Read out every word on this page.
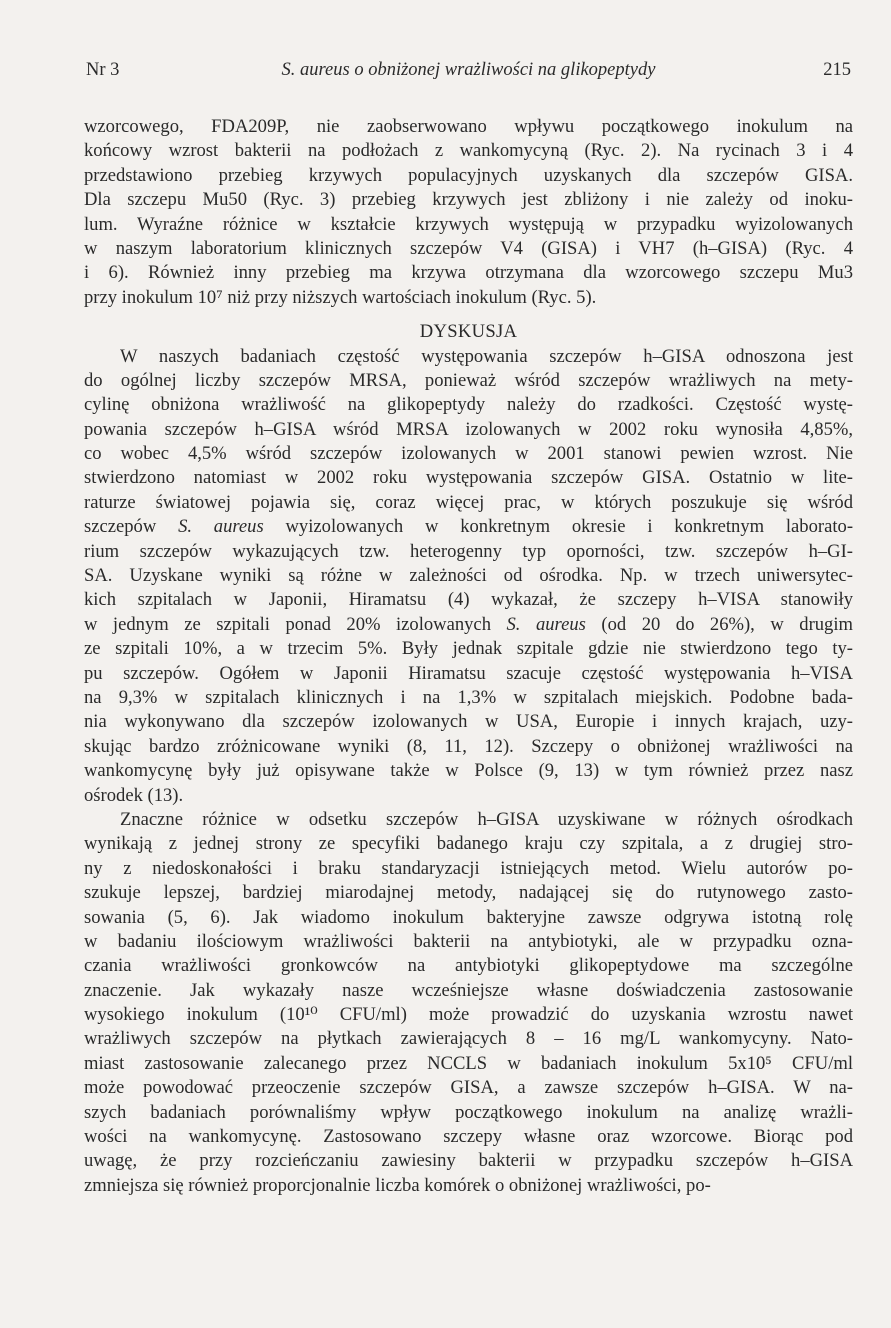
Nr 3	S. aureus o obniżonej wrażliwości na glikopeptydy	215
wzorcowego, FDA209P, nie zaobserwowano wpływu początkowego inokulum na
końcowy wzrost bakterii na podłożach z wankomycyną (Ryc. 2). Na rycinach 3 i 4
przedstawiono przebieg krzywych populacyjnych uzyskanych dla szczepów GISA.
Dla szczepu Mu50 (Ryc. 3) przebieg krzywych jest zbliżony i nie zależy od inoku-
lum. Wyraźne różnice w kształcie krzywych występują w przypadku wyizolowanych
w naszym laboratorium klinicznych szczepów V4 (GISA) i VH7 (h–GISA) (Ryc. 4
i 6). Również inny przebieg ma krzywa otrzymana dla wzorcowego szczepu Mu3
przy inokulum 10⁷ niż przy niższych wartościach inokulum (Ryc. 5).
DYSKUSJA
W naszych badaniach częstość występowania szczepów h–GISA odnoszona jest
do ogólnej liczby szczepów MRSA, ponieważ wśród szczepów wrażliwych na mety-
cylinę obniżona wrażliwość na glikopeptydy należy do rzadkości. Częstość wystę-
powania szczepów h–GISA wśród MRSA izolowanych w 2002 roku wynosiła 4,85%,
co wobec 4,5% wśród szczepów izolowanych w 2001 stanowi pewien wzrost. Nie
stwierdzono natomiast w 2002 roku występowania szczepów GISA. Ostatnio w lite-
raturze światowej pojawia się, coraz więcej prac, w których poszukuje się wśród
szczepów S. aureus wyizolowanych w konkretnym okresie i konkretnym laborato-
rium szczepów wykazujących tzw. heterogenny typ oporności, tzw. szczepów h–GI-
SA. Uzyskane wyniki są różne w zależności od ośrodka. Np. w trzech uniwersytec-
kich szpitalach w Japonii, Hiramatsu (4) wykazał, że szczepy h–VISA stanowiły
w jednym ze szpitali ponad 20% izolowanych S. aureus (od 20 do 26%), w drugim
ze szpitali 10%, a w trzecim 5%. Były jednak szpitale gdzie nie stwierdzono tego ty-
pu szczepów. Ogółem w Japonii Hiramatsu szacuje częstość występowania h–VISA
na 9,3% w szpitalach klinicznych i na 1,3% w szpitalach miejskich. Podobne bada-
nia wykonywano dla szczepów izolowanych w USA, Europie i innych krajach, uzy-
skując bardzo zróżnicowane wyniki (8, 11, 12). Szczepy o obniżonej wrażliwości na
wankomycynę były już opisywane także w Polsce (9, 13) w tym również przez nasz
ośrodek (13).
Znaczne różnice w odsetku szczepów h–GISA uzyskiwane w różnych ośrodkach
wynikają z jednej strony ze specyfiki badanego kraju czy szpitala, a z drugiej stro-
ny z niedoskonałości i braku standaryzacji istniejących metod. Wielu autorów po-
szukuje lepszej, bardziej miarodajnej metody, nadającej się do rutynowego zasto-
sowania (5, 6). Jak wiadomo inokulum bakteryjne zawsze odgrywa istotną rolę
w badaniu ilościowym wrażliwości bakterii na antybiotyki, ale w przypadku ozna-
czania wrażliwości gronkowców na antybiotyki glikopeptydowe ma szczególne
znaczenie. Jak wykazały nasze wcześniejsze własne doświadczenia zastosowanie
wysokiego inokulum (10¹⁰ CFU/ml) może prowadzić do uzyskania wzrostu nawet
wrażliwych szczepów na płytkach zawierających 8 – 16 mg/L wankomycyny. Nato-
miast zastosowanie zalecanego przez NCCLS w badaniach inokulum 5x10⁵ CFU/ml
może powodować przeoczenie szczepów GISA, a zawsze szczepów h–GISA. W na-
szych badaniach porównaliśmy wpływ początkowego inokulum na analizę wrażli-
wości na wankomycynę. Zastosowano szczepy własne oraz wzorcowe. Biorąc pod
uwagę, że przy rozcieńczaniu zawiesiny bakterii w przypadku szczepów h–GISA
zmniejsza się również proporcjonalnie liczba komórek o obniżonej wrażliwości, po-
